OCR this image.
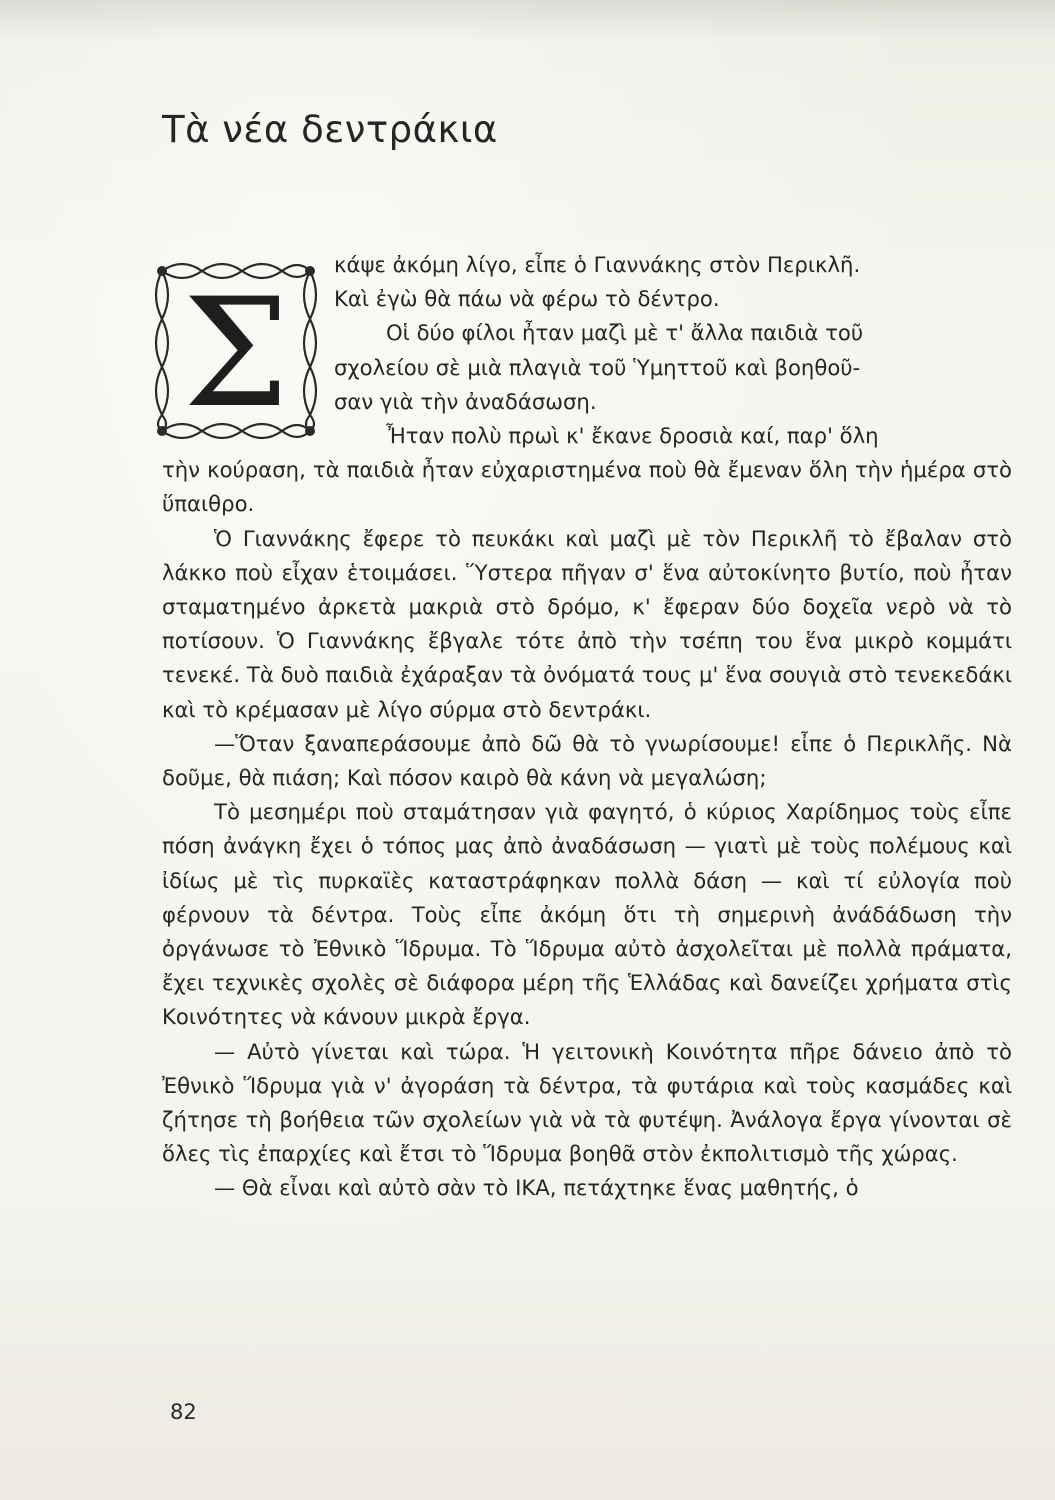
Τὰ νέα δεντράκια
Σ

κάψε ἀκόμη λίγο, εἶπε ὁ Γιαννάκης στὸν Περικλῆ.

Καὶ ἐγὼ θὰ πάω νὰ φέρω τὸ δέντρο.

Οἱ δύο φίλοι ἦταν μαζὶ μὲ τ' ἄλλα παιδιὰ τοῦ

σχολείου σὲ μιὰ πλαγιὰ τοῦ Ὑμηττοῦ καὶ βοηθοῦ-

σαν γιὰ τὴν ἀναδάσωση.

Ἦταν πολὺ πρωὶ κ' ἔκανε δροσιὰ καί, παρ' ὅλη

τὴν κούραση, τὰ παιδιὰ ἦταν εὐχαριστημένα ποὺ θὰ ἔμεναν ὅλη τὴν ἡμέρα στὸ ὕπαιθρο.

Ὁ Γιαννάκης ἔφερε τὸ πευκάκι καὶ μαζὶ μὲ τὸν Περικλῆ τὸ ἔβαλαν στὸ λάκκο ποὺ εἶχαν ἑτοιμάσει. Ὕστερα πῆγαν σ' ἕνα αὐτοκίνητο βυτίο, ποὺ ἦταν σταματημένο ἀρκετὰ μακριὰ στὸ δρόμο, κ' ἔφεραν δύο δοχεῖα νερὸ νὰ τὸ ποτίσουν. Ὁ Γιαννάκης ἔβγαλε τότε ἀπὸ τὴν τσέπη του ἕνα μικρὸ κομμάτι τενεκέ. Τὰ δυὸ παιδιὰ ἐχάραξαν τὰ ὀνόματά τους μ' ἕνα σουγιὰ στὸ τενεκεδάκι καὶ τὸ κρέμασαν μὲ λίγο σύρμα στὸ δεντράκι.

—Ὅταν ξαναπεράσουμε ἀπὸ δῶ θὰ τὸ γνωρίσουμε! εἶπε ὁ Περικλῆς. Νὰ δοῦμε, θὰ πιάση; Καὶ πόσον καιρὸ θὰ κάνη νὰ μεγαλώση;

Τὸ μεσημέρι ποὺ σταμάτησαν γιὰ φαγητό, ὁ κύριος Χαρίδημος τοὺς εἶπε πόση ἀνάγκη ἔχει ὁ τόπος μας ἀπὸ ἀναδάσωση — γιατὶ μὲ τοὺς πολέμους καὶ ἰδίως μὲ τὶς πυρκαϊὲς καταστράφηκαν πολλὰ δάση — καὶ τί εὐλογία ποὺ φέρνουν τὰ δέντρα. Τοὺς εἶπε ἀκόμη ὅτι τὴ σημερινὴ ἀνάδάδωση τὴν ὀργάνωσε τὸ Ἐθνικὸ Ἵδρυμα. Τὸ Ἵδρυμα αὐτὸ ἀσχολεῖται μὲ πολλὰ πράματα, ἔχει τεχνικὲς σχολὲς σὲ διάφορα μέρη τῆς Ἑλλάδας καὶ δανείζει χρήματα στὶς Κοινότητες νὰ κάνουν μικρὰ ἔργα.

— Αὐτὸ γίνεται καὶ τώρα. Ἡ γειτονικὴ Κοινότητα πῆρε δάνειο ἀπὸ τὸ Ἐθνικὸ Ἵδρυμα γιὰ ν' ἀγοράση τὰ δέντρα, τὰ φυτάρια καὶ τοὺς κασμάδες καὶ ζήτησε τὴ βοήθεια τῶν σχολείων γιὰ νὰ τὰ φυτέψη. Ἀνάλογα ἔργα γίνονται σὲ ὅλες τὶς ἐπαρχίες καὶ ἔτσι τὸ Ἵδρυμα βοηθᾶ στὸν ἐκπολιτισμὸ τῆς χώρας.

— Θὰ εἶναι καὶ αὐτὸ σὰν τὸ ΙΚΑ, πετάχτηκε ἕνας μαθητής, ὁ

82
